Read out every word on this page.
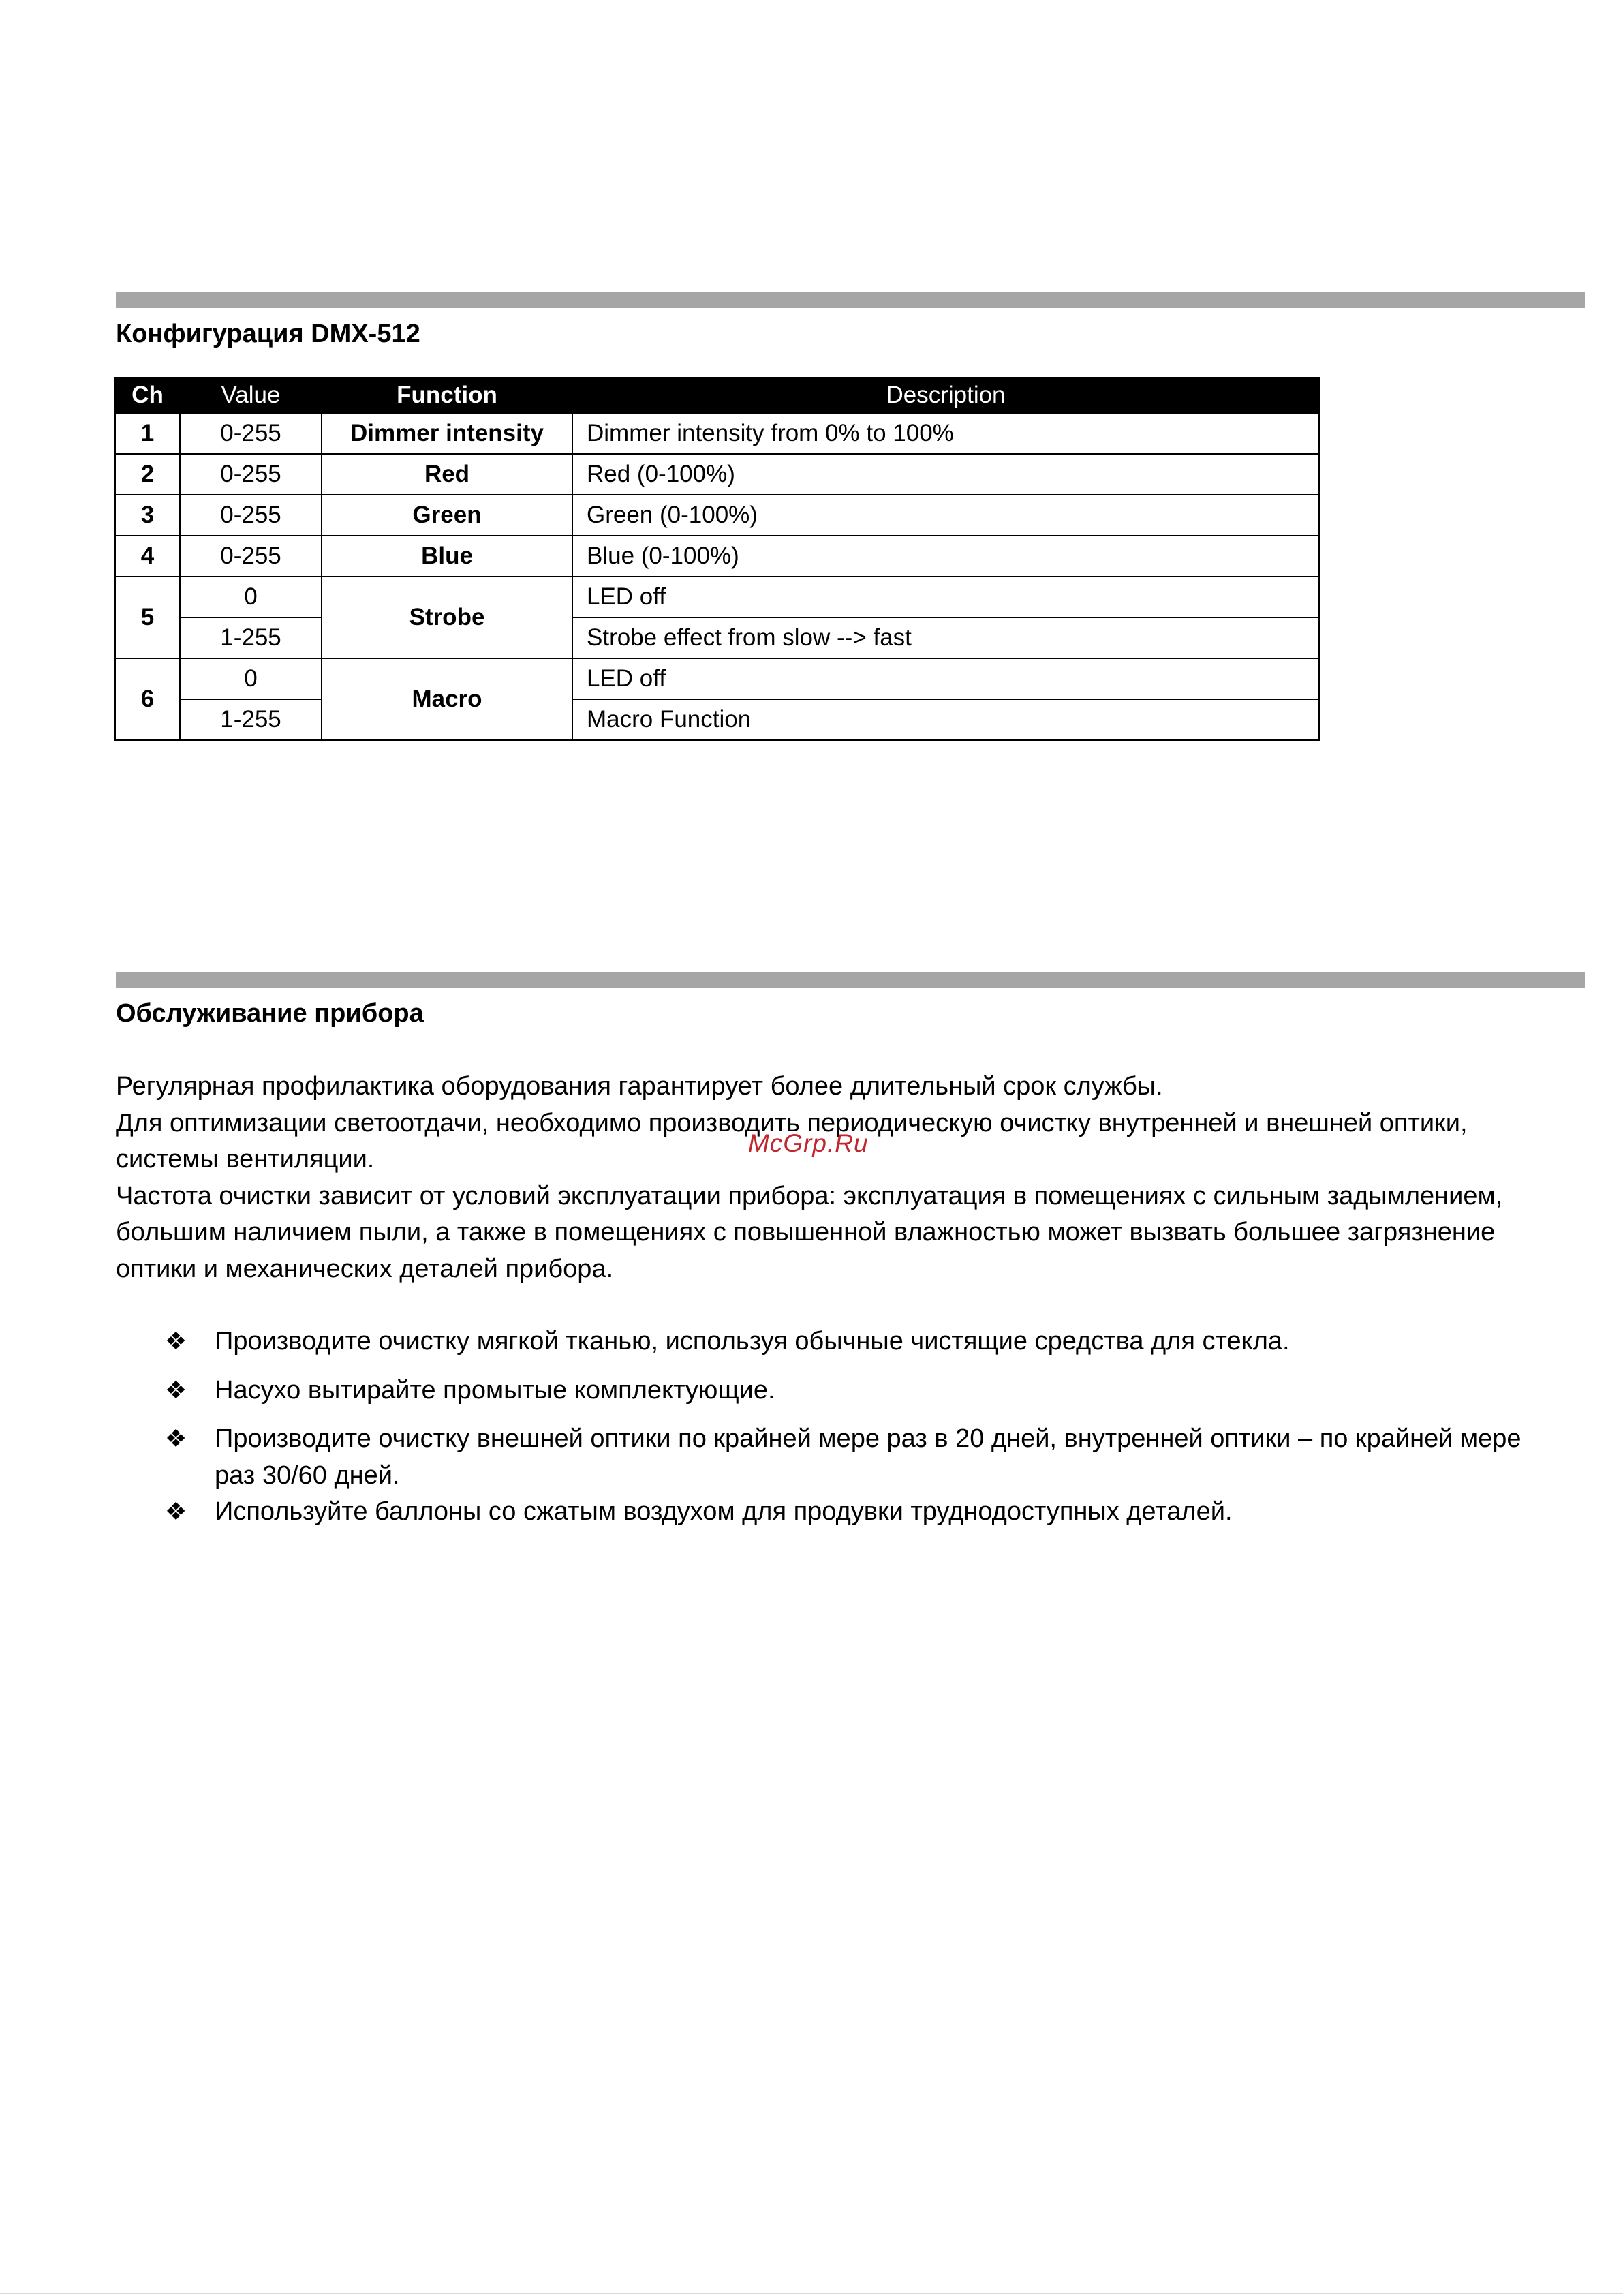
Конфигурация DMX-512
Ch	Value	Function	Description
1	0-255	Dimmer intensity	Dimmer intensity from 0% to 100%
2	0-255	Red	Red (0-100%)
3	0-255	Green	Green (0-100%)
4	0-255	Blue	Blue (0-100%)
5	0	Strobe	LED off
	1-255		Strobe effect from slow --> fast
6	0	Macro	LED off
	1-255		Macro Function
Обслуживание прибора

Регулярная профилактика оборудования гарантирует более длительный срок службы.

Для оптимизации светоотдачи, необходимо производить периодическую очистку внутренней и внешней оптики, системы вентиляции.

Частота очистки зависит от условий эксплуатации прибора: эксплуатация в помещениях с сильным задымлением, большим наличием пыли, а также в помещениях с повышенной влажностью может вызвать большее загрязнение оптики и механических деталей прибора.

McGrp.Ru
❖ Производите очистку мягкой тканью, используя обычные чистящие средства для стекла.
❖ Насухо вытирайте промытые комплектующие.
❖ Производите очистку внешней оптики по крайней мере раз в 20 дней, внутренней оптики – по крайней мере раз 30/60 дней.
❖ Используйте баллоны со сжатым воздухом для продувки труднодоступных деталей.
